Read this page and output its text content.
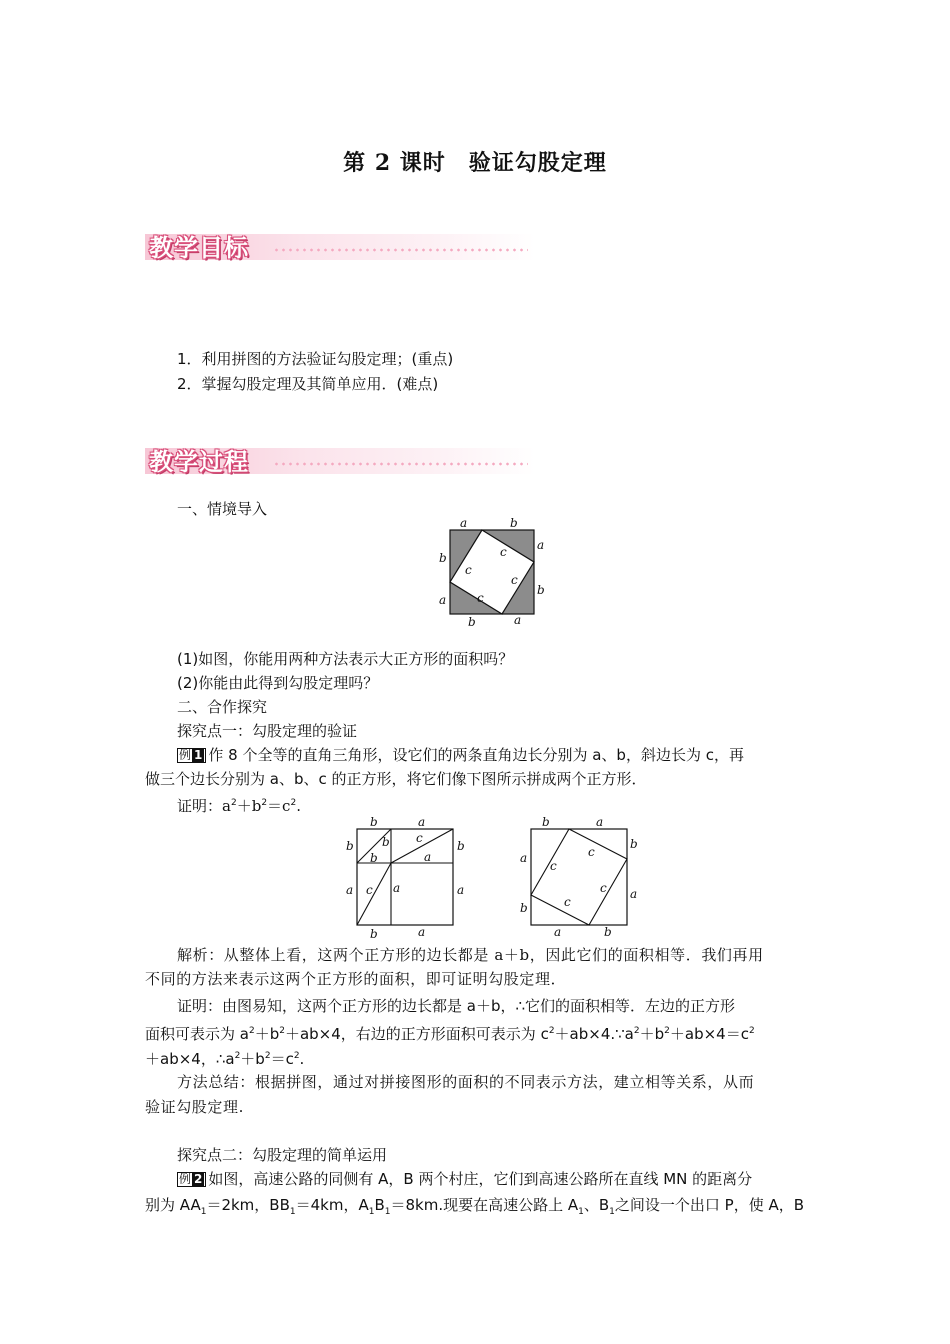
第 2 课时　验证勾股定理
教学目标
1．利用拼图的方法验证勾股定理；(重点)
2．掌握勾股定理及其简单应用．(难点)
教学过程
一、情境导入
a	b
a
b
a
b
b
a
c
c
c
c
(1)如图，你能用两种方法表示大正方形的面积吗？
(2)你能由此得到勾股定理吗？
二、合作探究
探究点一：勾股定理的验证
例 1 作 8 个全等的直角三角形，设它们的两条直角边长分别为 a、b，斜边长为 c，再
做三个边长分别为 a、b、c 的正方形，将它们像下图所示拼成两个正方形．
证明：$a^2+b^2=c^2$.
b	a
b
a
b
a
b	a
b
b
c
a
c a
b	a
b
a
a	b
a
b
c
c
c
c
解析：从整体上看，这两个正方形的边长都是 a＋b，因此它们的面积相等．我们再用
不同的方法来表示这两个正方形的面积，即可证明勾股定理．
证明：由图易知，这两个正方形的边长都是 a＋b，∴它们的面积相等．左边的正方形
面积可表示为 $a^2+b^2+ab\times 4$，右边的正方形面积可表示为 $c^2+ab\times 4.\because a^2+b^2+ab\times 4=c^2$
＋ab×4，$\therefore a^2+b^2=c^2$.
方法总结：根据拼图，通过对拼接图形的面积的不同表示方法，建立相等关系，从而
验证勾股定理.
探究点二：勾股定理的简单运用
例 2 如图，高速公路的同侧有 A，B 两个村庄，它们到高速公路所在直线 MN 的距离分
别为 $AA_1=2km$，$BB_1=4km$，$A_1B_1=8km$.现要在高速公路上 $A_1$、$B_1$之间设一个出口 P，使 A，B
